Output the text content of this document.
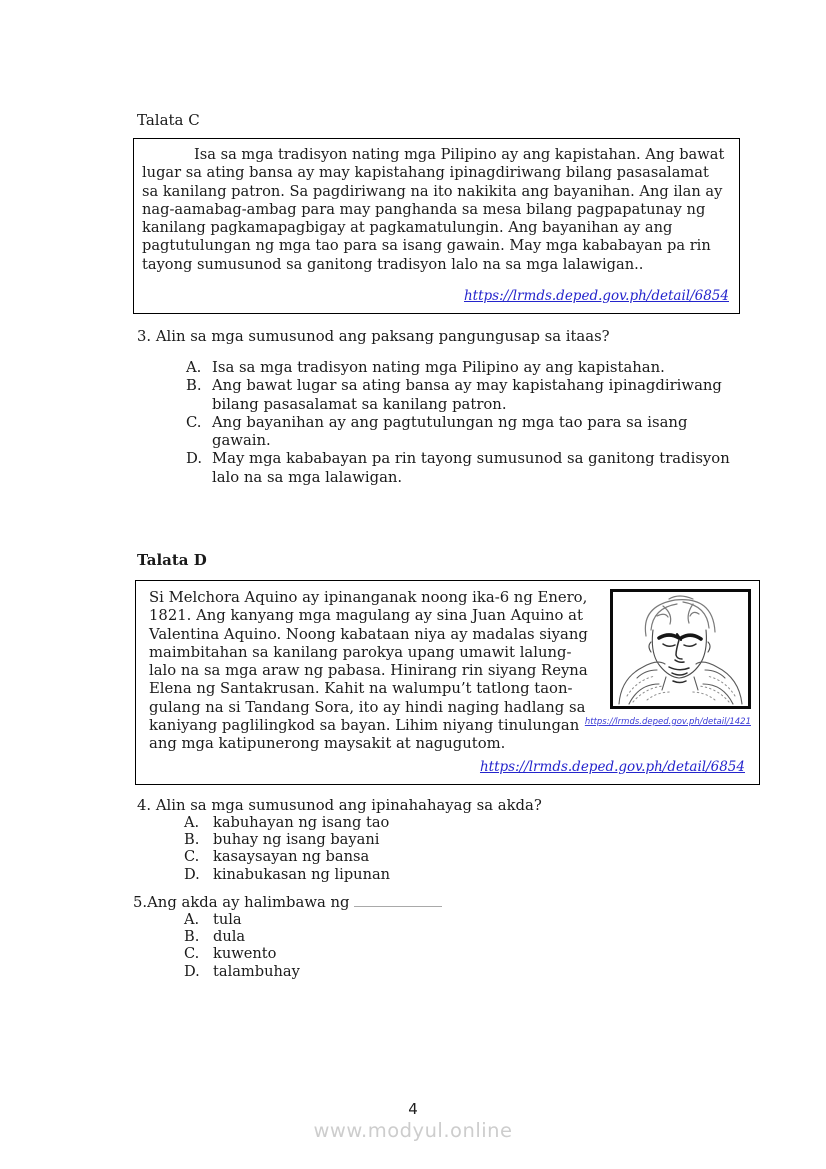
Talata C

Isa sa mga tradisyon nating mga Pilipino ay ang kapistahan. Ang bawat lugar sa ating bansa ay may kapistahang ipinagdiriwang bilang pasasalamat sa kanilang patron. Sa pagdiriwang na ito nakikita ang bayanihan. Ang ilan ay nag-aamabag-ambag para may panghanda sa mesa bilang pagpapatunay ng kanilang pagkamapagbigay at pagkamatulungin. Ang bayanihan ay ang pagtutulungan ng mga tao para sa isang gawain. May mga kababayan pa rin tayong sumusunod sa ganitong tradisyon lalo na sa mga lalawigan..

https://lrmds.deped.gov.ph/detail/6854
3. Alin sa mga sumusunod ang paksang pangungusap sa itaas?
A. Isa sa mga tradisyon nating mga Pilipino ay ang kapistahan.
B. Ang bawat lugar sa ating bansa ay may kapistahang ipinagdiriwang bilang pasasalamat sa kanilang patron.
C. Ang bayanihan ay ang pagtutulungan ng mga tao para sa isang gawain.
D. May mga kababayan pa rin tayong sumusunod sa ganitong tradisyon lalo na sa mga lalawigan.
Talata D
https://lrmds.deped.gov.ph/detail/1421

Si Melchora Aquino ay ipinanganak noong ika-6 ng Enero, 1821. Ang kanyang mga magulang ay sina Juan Aquino at Valentina Aquino. Noong kabataan niya ay madalas siyang maimbitahan sa kanilang parokya upang umawit lalung-lalo na sa mga araw ng pabasa. Hinirang rin siyang Reyna Elena ng Santakrusan. Kahit na walumpu’t tatlong taon-gulang na si Tandang Sora, ito ay hindi naging hadlang sa kaniyang paglilingkod sa bayan. Lihim niyang tinulungan ang mga katipunerong maysakit at nagugutom.

https://lrmds.deped.gov.ph/detail/6854
4. Alin sa mga sumusunod ang ipinahahayag sa akda?
A. kabuhayan ng isang tao
B. buhay ng isang bayani
C. kasaysayan ng bansa
D. kinabukasan ng lipunan
5.Ang akda ay halimbawa ng
A. tula
B. dula
C. kuwento
D. talambuhay
4
www.modyul.online
